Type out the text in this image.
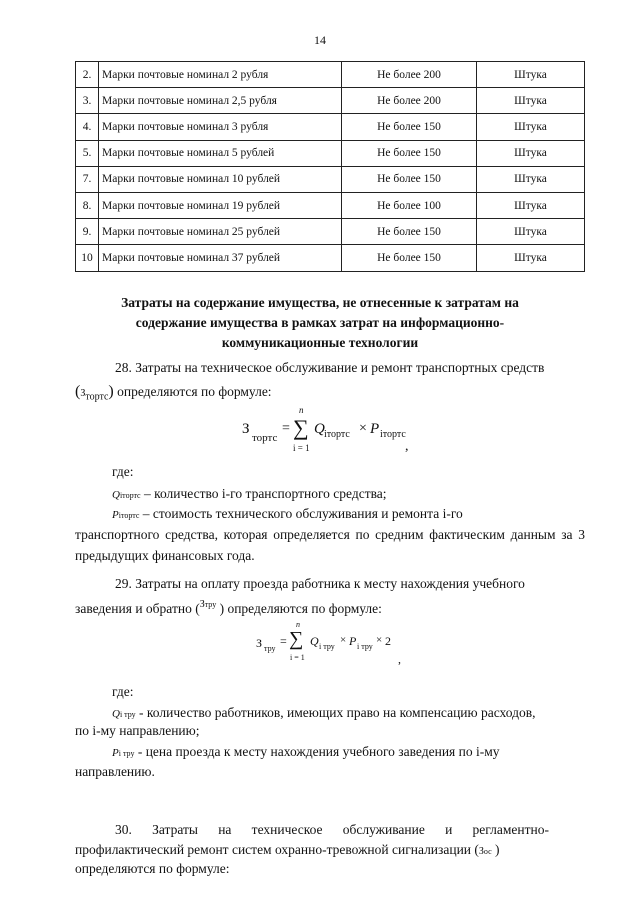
14
2.	Марки почтовые номинал 2 рубля	Не более 200	Штука
3.	Марки почтовые номинал 2,5 рубля	Не более 200	Штука
4.	Марки почтовые номинал 3 рубля	Не более 150	Штука
5.	Марки почтовые номинал 5 рублей	Не более 150	Штука
7.	Марки почтовые номинал 10 рублей	Не более 150	Штука
8.	Марки почтовые номинал 19 рублей	Не более 100	Штука
9.	Марки почтовые номинал 25 рублей	Не более 150	Штука
10	Марки почтовые номинал 37 рублей	Не более 150	Штука
Затраты на содержание имущества, не отнесенные к затратам на содержание имущества в рамках затрат на информационно-коммуникационные технологии
28. Затраты на техническое обслуживание и ремонт транспортных средств
$(З_{тортс})$ определяются по формуле:
З
тортс
=
n
∑
i = 1
Q iтортс × P iтортс
,
где:
Qiтортс – количество i-го транспортного средства;
Piтортс – стоимость технического обслуживания и ремонта i-го
транспортного средства, которая определяется по средним фактическим данным за 3 предыдущих финансовых года.
29. Затраты на оплату проезда работника к месту нахождения учебного
заведения и обратно ($^{Зтру}$ ) определяются по формуле:
З тру
=
n
∑
i = 1
Q i тру
× P i тру
× 2
,
где:
Qi тру - количество работников, имеющих право на компенсацию расходов,
по i-му направлению;
Pi тру - цена проезда к месту нахождения учебного заведения по i-му
направлению.
30.      Затраты      на      техническое      обслуживание      и      регламентно-
профилактический ремонт систем охранно-тревожной сигнализации (Зос )
определяются по формуле:
